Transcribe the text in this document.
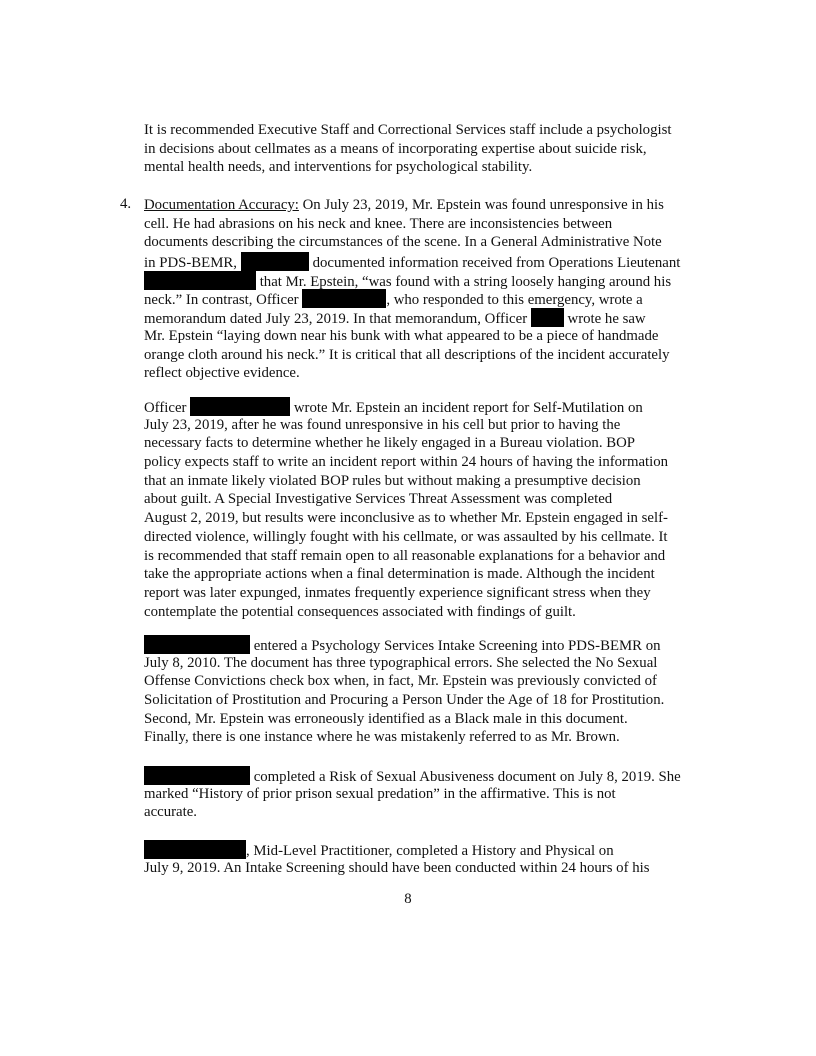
It is recommended Executive Staff and Correctional Services staff include a psychologist
in decisions about cellmates as a means of incorporating expertise about suicide risk,
mental health needs, and interventions for psychological stability.
4. Documentation Accuracy: On July 23, 2019, Mr. Epstein was found unresponsive in his
cell. He had abrasions on his neck and knee. There are inconsistencies between
documents describing the circumstances of the scene. In a General Administrative Note
in PDS-BEMR,	documented information received from Operations Lieutenant
that Mr. Epstein, “was found with a string loosely hanging around his
neck.” In contrast, Officer	, who responded to this emergency, wrote a
memorandum dated July 23, 2019. In that memorandum, Officer  wrote he saw
Mr. Epstein “laying down near his bunk with what appeared to be a piece of handmade
orange cloth around his neck.” It is critical that all descriptions of the incident accurately
reflect objective evidence.
Officer	wrote Mr. Epstein an incident report for Self-Mutilation on
July 23, 2019, after he was found unresponsive in his cell but prior to having the
necessary facts to determine whether he likely engaged in a Bureau violation. BOP
policy expects staff to write an incident report within 24 hours of having the information
that an inmate likely violated BOP rules but without making a presumptive decision
about guilt. A Special Investigative Services Threat Assessment was completed
August 2, 2019, but results were inconclusive as to whether Mr. Epstein engaged in self-
directed violence, willingly fought with his cellmate, or was assaulted by his cellmate. It
is recommended that staff remain open to all reasonable explanations for a behavior and
take the appropriate actions when a final determination is made. Although the incident
report was later expunged, inmates frequently experience significant stress when they
contemplate the potential consequences associated with findings of guilt.
entered a Psychology Services Intake Screening into PDS-BEMR on
July 8, 2010. The document has three typographical errors. She selected the No Sexual
Offense Convictions check box when, in fact, Mr. Epstein was previously convicted of
Solicitation of Prostitution and Procuring a Person Under the Age of 18 for Prostitution.
Second, Mr. Epstein was erroneously identified as a Black male in this document.
Finally, there is one instance where he was mistakenly referred to as Mr. Brown.
completed a Risk of Sexual Abusiveness document on July 8, 2019. She
marked “History of prior prison sexual predation” in the affirmative. This is not
accurate.
, Mid-Level Practitioner, completed a History and Physical on
July 9, 2019. An Intake Screening should have been conducted within 24 hours of his
8
